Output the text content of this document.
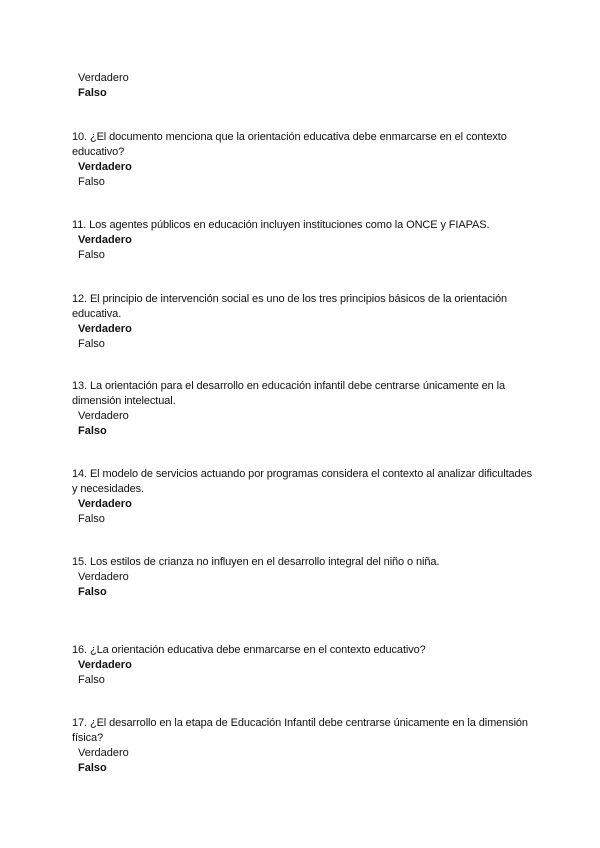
Verdadero
Falso

10. ¿El documento menciona que la orientación educativa debe enmarcarse en el contexto educativo?

Verdadero
Falso

11. Los agentes públicos en educación incluyen instituciones como la ONCE y FIAPAS.

Verdadero
Falso

12. El principio de intervención social es uno de los tres principios básicos de la orientación educativa.

Verdadero
Falso

13. La orientación para el desarrollo en educación infantil debe centrarse únicamente en la dimensión intelectual.

Verdadero
Falso

14. El modelo de servicios actuando por programas considera el contexto al analizar dificultades y necesidades.

Verdadero
Falso

15. Los estilos de crianza no influyen en el desarrollo integral del niño o niña.

Verdadero
Falso

16. ¿La orientación educativa debe enmarcarse en el contexto educativo?

Verdadero
Falso

17. ¿El desarrollo en la etapa de Educación Infantil debe centrarse únicamente en la dimensión física?

Verdadero
Falso
